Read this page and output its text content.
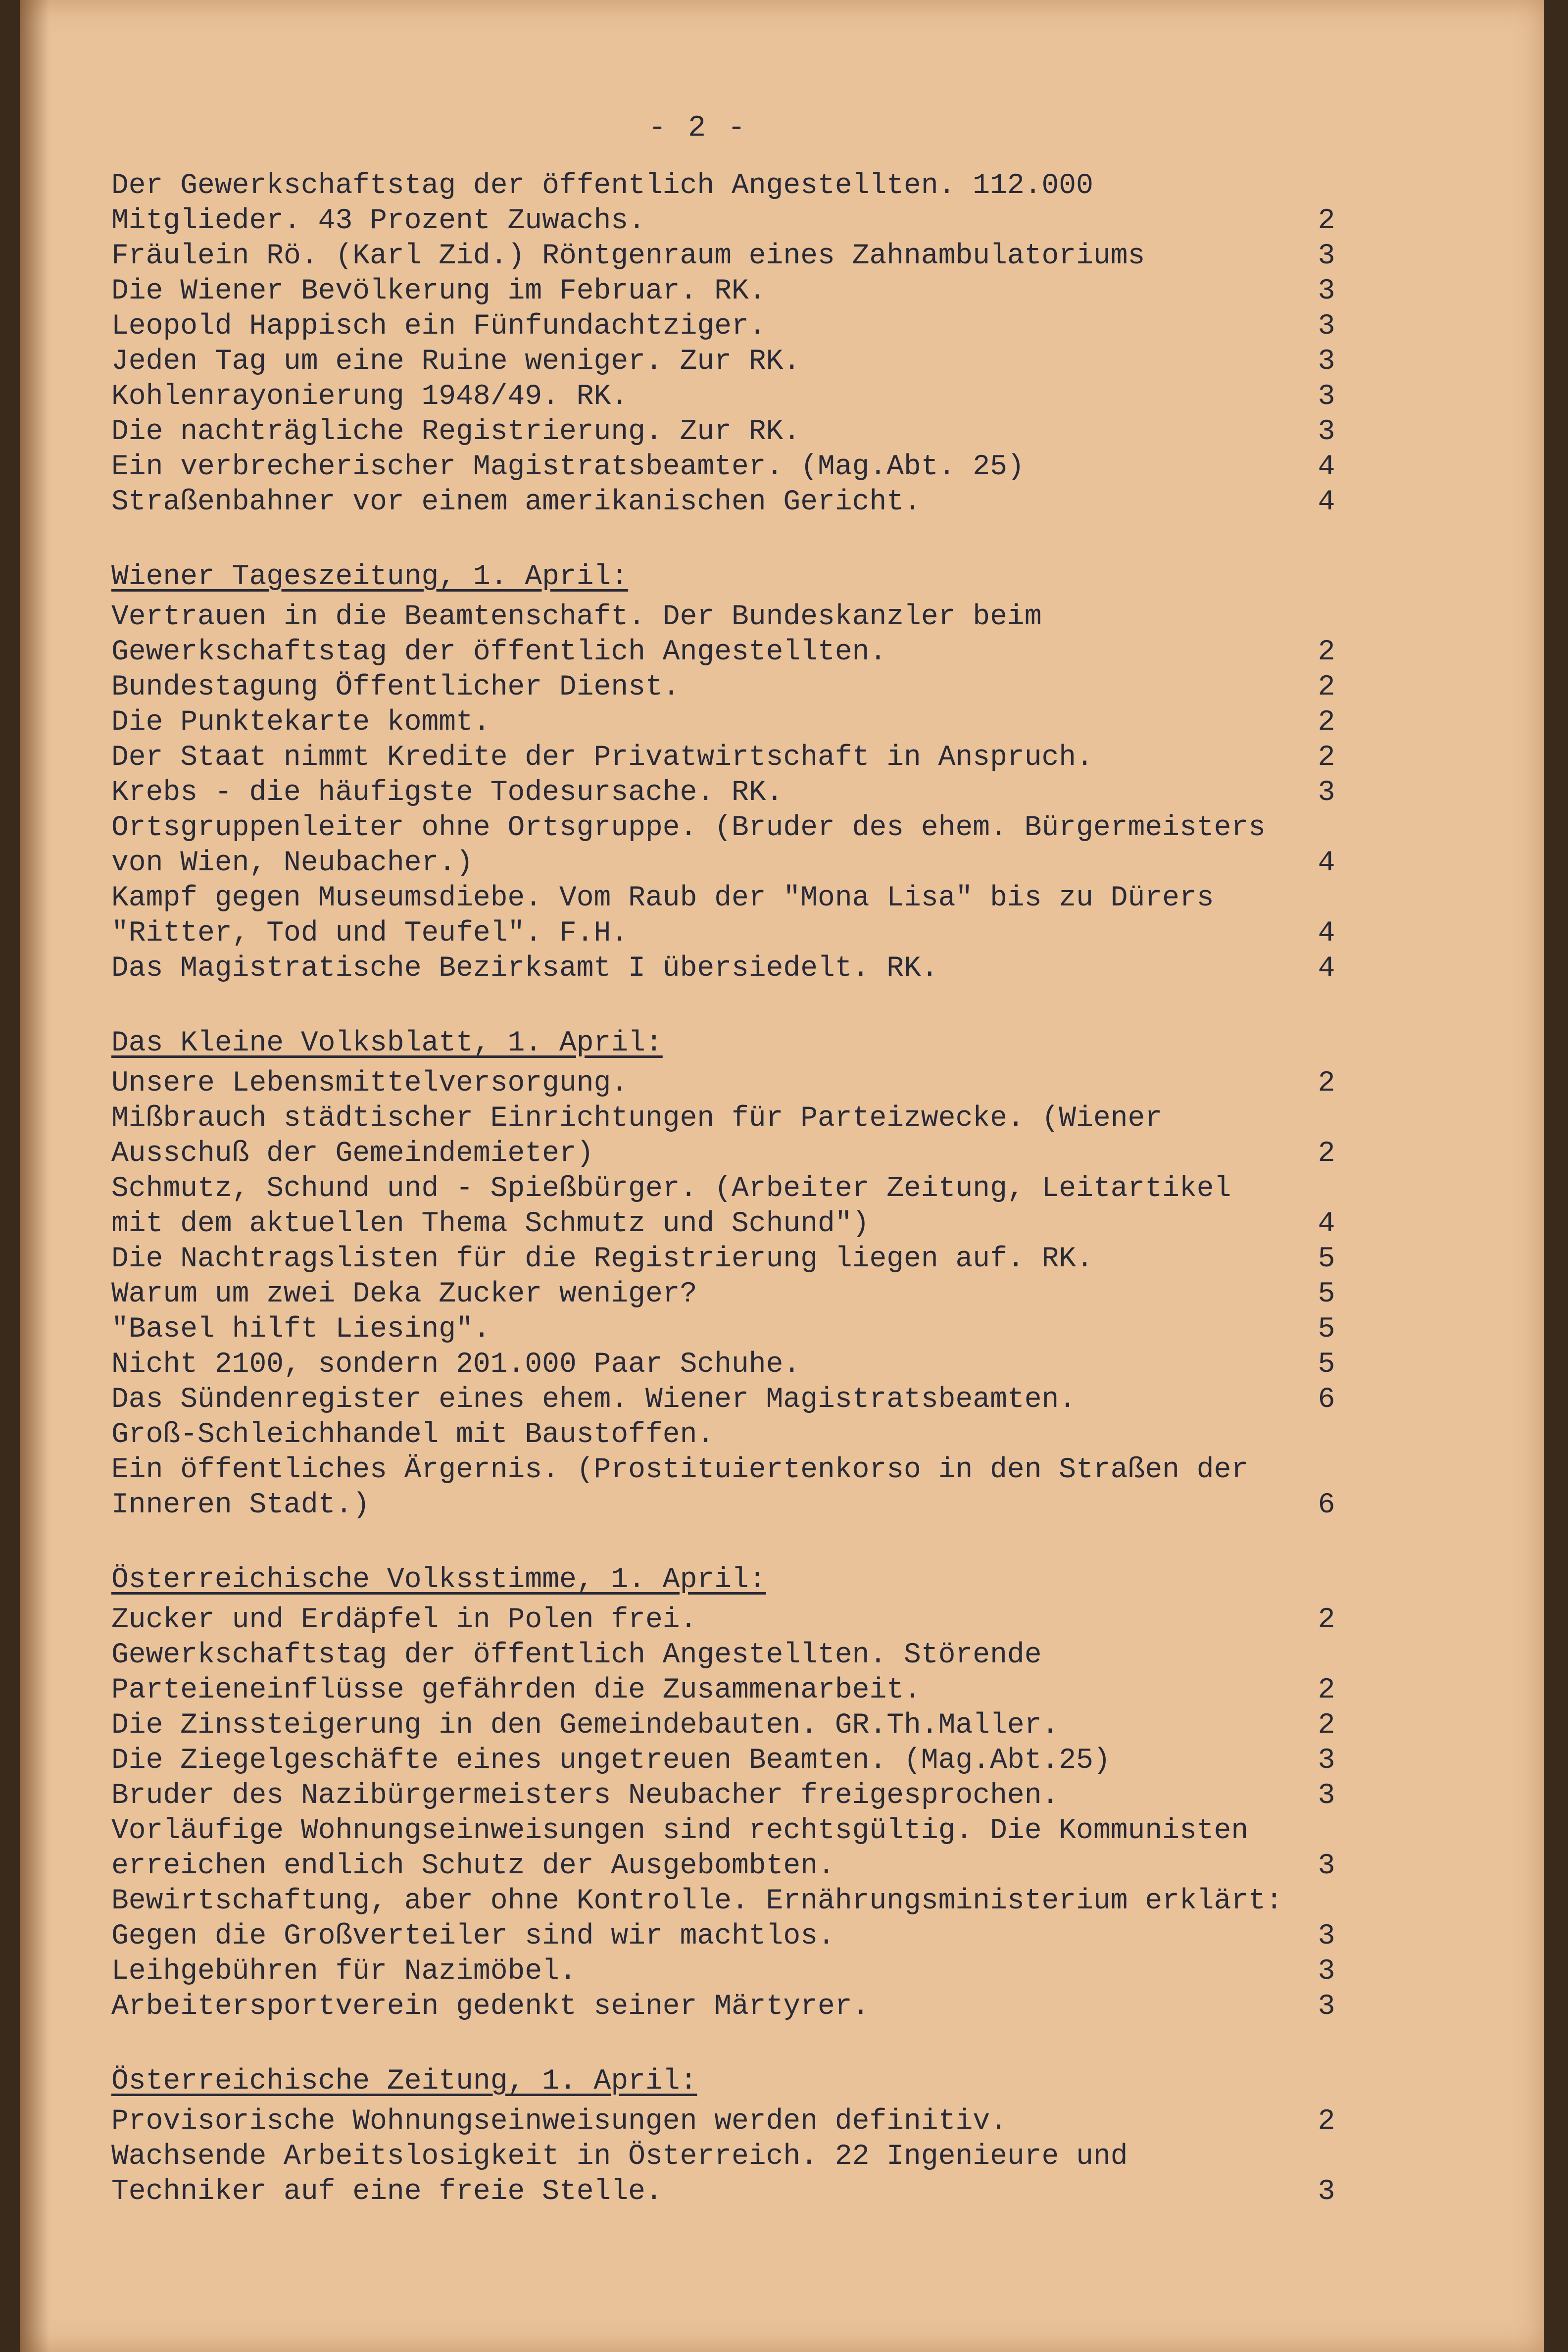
- 2 -
Der Gewerkschaftstag der öffentlich Angestellten. 112.000 Mitglieder. 43 Prozent Zuwachs.	2
Fräulein Rö. (Karl Zid.) Röntgenraum eines Zahnambulatoriums	3
Die Wiener Bevölkerung im Februar. RK.	3
Leopold Happisch ein Fünfundachtziger.	3
Jeden Tag um eine Ruine weniger. Zur RK.	3
Kohlenrayonierung 1948/49. RK.	3
Die nachträgliche Registrierung. Zur RK.	3
Ein verbrecherischer Magistratsbeamter. (Mag.Abt. 25)	4
Straßenbahner vor einem amerikanischen Gericht.	4
Wiener Tageszeitung, 1. April:
Vertrauen in die Beamtenschaft. Der Bundeskanzler beim Gewerkschaftstag der öffentlich Angestellten.	2
Bundestagung Öffentlicher Dienst.	2
Die Punktekarte kommt.	2
Der Staat nimmt Kredite der Privatwirtschaft in Anspruch.	2
Krebs - die häufigste Todesursache. RK.	3
Ortsgruppenleiter ohne Ortsgruppe. (Bruder des ehem. Bürgermeisters von Wien, Neubacher.)	4
Kampf gegen Museumsdiebe. Vom Raub der "Mona Lisa" bis zu Dürers "Ritter, Tod und Teufel". F.H.	4
Das Magistratische Bezirksamt I übersiedelt. RK.	4
Das Kleine Volksblatt, 1. April:
Unsere Lebensmittelversorgung.	2
Mißbrauch städtischer Einrichtungen für Parteizwecke. (Wiener Ausschuß der Gemeindemieter)	2
Schmutz, Schund und - Spießbürger. (Arbeiter Zeitung, Leitartikel mit dem aktuellen Thema Schmutz und Schund")	4
Die Nachtragslisten für die Registrierung liegen auf. RK.	5
Warum um zwei Deka Zucker weniger?	5
"Basel hilft Liesing".	5
Nicht 2100, sondern 201.000 Paar Schuhe.	5
Das Sündenregister eines ehem. Wiener Magistratsbeamten.	6
Groß-Schleichhandel mit Baustoffen.
Ein öffentliches Ärgernis. (Prostituiertenkorso in den Straßen der Inneren Stadt.)	6
Österreichische Volksstimme, 1. April:
Zucker und Erdäpfel in Polen frei.	2
Gewerkschaftstag der öffentlich Angestellten. Störende Parteieneinflüsse gefährden die Zusammenarbeit.	2
Die Zinssteigerung in den Gemeindebauten. GR.Th.Maller.	2
Die Ziegelgeschäfte eines ungetreuen Beamten. (Mag.Abt.25)	3
Bruder des Nazibürgermeisters Neubacher freigesprochen.	3
Vorläufige Wohnungseinweisungen sind rechtsgültig. Die Kommunisten erreichen endlich Schutz der Ausgebombten.	3
Bewirtschaftung, aber ohne Kontrolle. Ernährungsministerium erklärt: Gegen die Großverteiler sind wir machtlos.	3
Leihgebühren für Nazimöbel.	3
Arbeitersportverein gedenkt seiner Märtyrer.	3
Österreichische Zeitung, 1. April:
Provisorische Wohnungseinweisungen werden definitiv.	2
Wachsende Arbeitslosigkeit in Österreich. 22 Ingenieure und Techniker auf eine freie Stelle.	3
